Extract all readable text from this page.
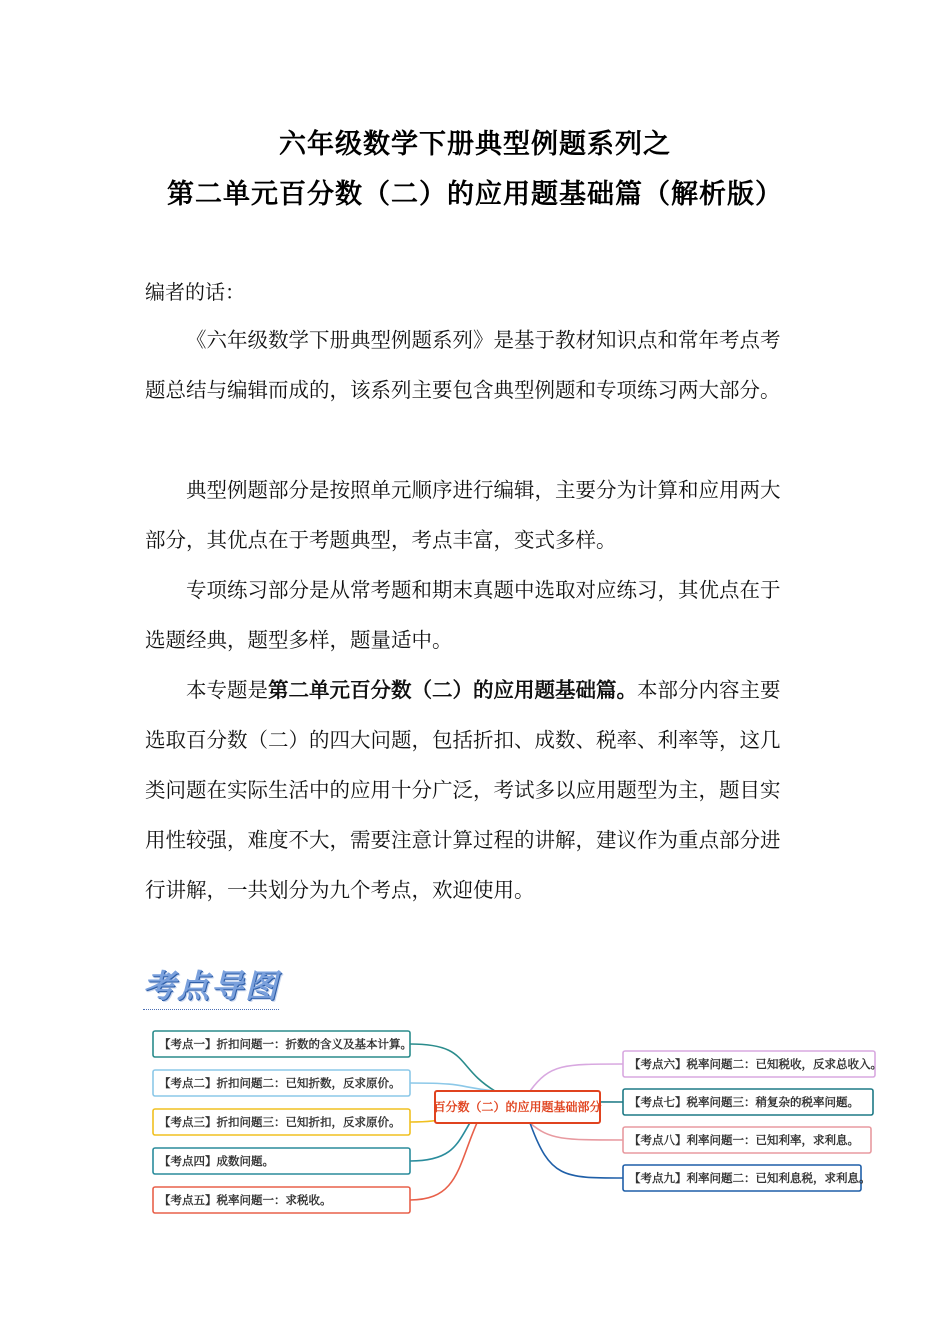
六年级数学下册典型例题系列之
第二单元百分数（二）的应用题基础篇（解析版）
编者的话：

《六年级数学下册典型例题系列》是基于教材知识点和常年考点考题总结与编辑而成的，该系列主要包含典型例题和专项练习两大部分。

典型例题部分是按照单元顺序进行编辑，主要分为计算和应用两大部分，其优点在于考题典型，考点丰富，变式多样。

专项练习部分是从常考题和期末真题中选取对应练习，其优点在于选题经典，题型多样，题量适中。

本专题是第二单元百分数（二）的应用题基础篇。本部分内容主要选取百分数（二）的四大问题，包括折扣、成数、税率、利率等，这几类问题在实际生活中的应用十分广泛，考试多以应用题型为主，题目实用性较强，难度不大，需要注意计算过程的讲解，建议作为重点部分进行讲解，一共划分为九个考点，欢迎使用。

考点导图
【考点一】折扣问题一：折数的含义及基本计算。
【考点二】折扣问题二：已知折数，反求原价。
【考点三】折扣问题三：已知折扣，反求原价。
【考点四】成数问题。
【考点五】税率问题一：求税收。
【考点六】税率问题二：已知税收，反求总收入。
【考点七】税率问题三：稍复杂的税率问题。
【考点八】利率问题一：已知利率，求利息。
【考点九】利率问题二：已知利息税，求利息。
百分数（二）的应用题基础部分
